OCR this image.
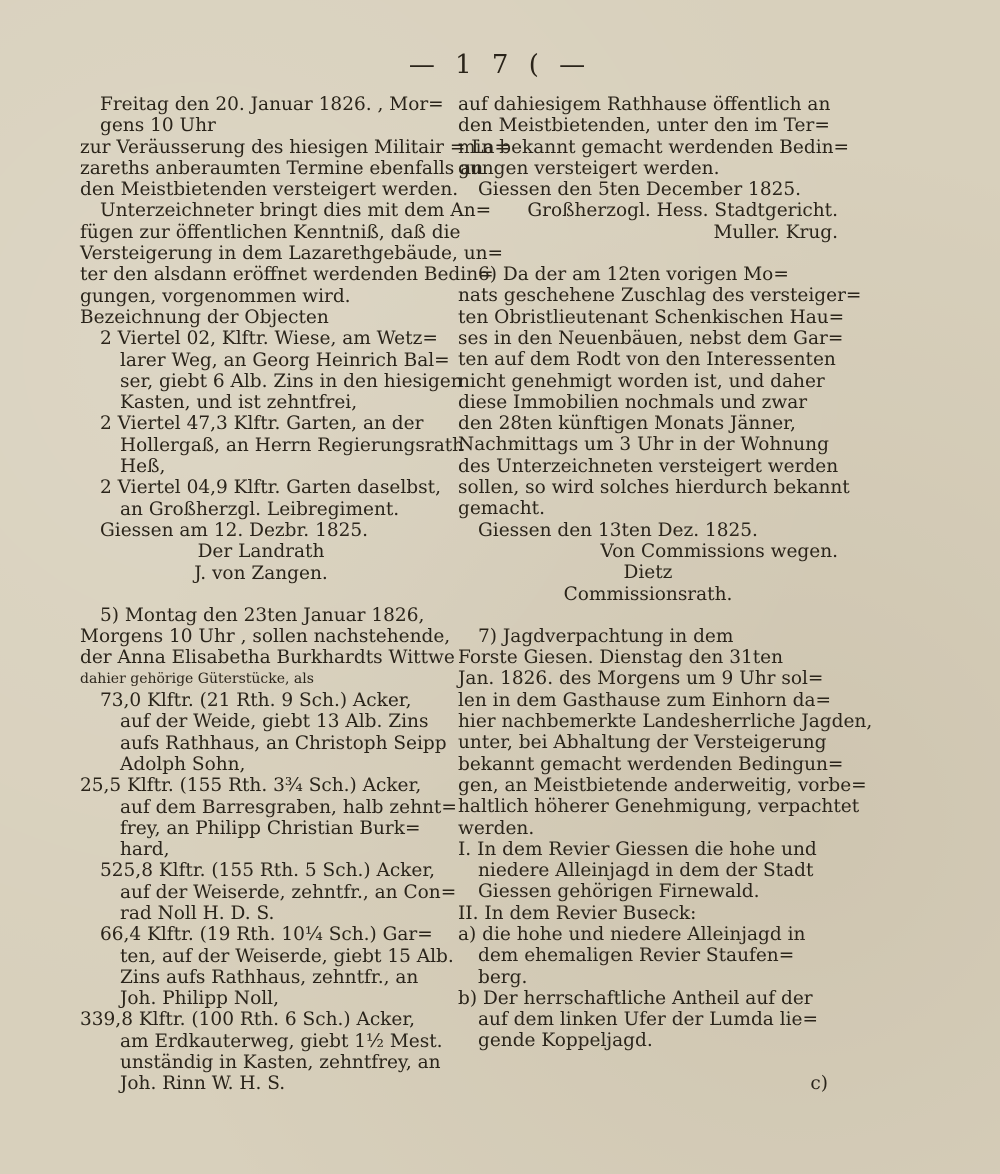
— 1 7 ( —
Freitag den 20. Januar 1826. , Mor=
gens 10 Uhr
zur Veräusserung des hiesigen Militair = La=
zareths anberaumten Termine ebenfalls an
den Meistbietenden versteigert werden.
Unterzeichneter bringt dies mit dem An=
fügen zur öffentlichen Kenntniß, daß die
Versteigerung in dem Lazarethgebäude, un=
ter den alsdann eröffnet werdenden Bedin=
gungen, vorgenommen wird.
Bezeichnung der Objecten
2 Viertel 02, Klftr. Wiese, am Wetz=
larer Weg, an Georg Heinrich Bal=
ser, giebt 6 Alb. Zins in den hiesigen
Kasten, und ist zehntfrei,
2 Viertel 47,3 Klftr. Garten, an der
Hollergaß, an Herrn Regierungsrath
Heß,
2 Viertel 04,9 Klftr. Garten daselbst,
an Großherzgl. Leibregiment.
Giessen am 12. Dezbr. 1825.
Der Landrath
J. von Zangen.
5) Montag den 23ten Januar 1826,
Morgens 10 Uhr , sollen nachstehende,
der Anna Elisabetha Burkhardts Wittwe
dahier gehörige Güterstücke, als
73,0 Klftr. (21 Rth. 9 Sch.) Acker,
auf der Weide, giebt 13 Alb. Zins
aufs Rathhaus, an Christoph Seipp
Adolph Sohn,
25,5 Klftr. (155 Rth. 3¾ Sch.) Acker,
auf dem Barresgraben, halb zehnt=
frey, an Philipp Christian Burk=
hard,
525,8 Klftr. (155 Rth. 5 Sch.) Acker,
auf der Weiserde, zehntfr., an Con=
rad Noll H. D. S.
66,4 Klftr. (19 Rth. 10¼ Sch.) Gar=
ten, auf der Weiserde, giebt 15 Alb.
Zins aufs Rathhaus, zehntfr., an
Joh. Philipp Noll,
339,8 Klftr. (100 Rth. 6 Sch.) Acker,
am Erdkauterweg, giebt 1½ Mest.
unständig in Kasten, zehntfrey, an
Joh. Rinn W. H. S.
auf dahiesigem Rathhause öffentlich an
den Meistbietenden, unter den im Ter=
min bekannt gemacht werdenden Bedin=
gungen versteigert werden.
Giessen den 5ten December 1825.
Großherzogl. Hess. Stadtgericht.
Muller. Krug.
6) Da der am 12ten vorigen Mo=
nats geschehene Zuschlag des versteiger=
ten Obristlieutenant Schenkischen Hau=
ses in den Neuenbäuen, nebst dem Gar=
ten auf dem Rodt von den Interessenten
nicht genehmigt worden ist, und daher
diese Immobilien nochmals und zwar
den 28ten künftigen Monats Jänner,
Nachmittags um 3 Uhr in der Wohnung
des Unterzeichneten versteigert werden
sollen, so wird solches hierdurch bekannt
gemacht.
Giessen den 13ten Dez. 1825.
Von Commissions wegen.
Dietz
Commissionsrath.
7) Jagdverpachtung in dem
Forste Giesen. Dienstag den 31ten
Jan. 1826. des Morgens um 9 Uhr sol=
len in dem Gasthause zum Einhorn da=
hier nachbemerkte Landesherrliche Jagden,
unter, bei Abhaltung der Versteigerung
bekannt gemacht werdenden Bedingun=
gen, an Meistbietende anderweitig, vorbe=
haltlich höherer Genehmigung, verpachtet
werden.
I. In dem Revier Giessen die hohe und
niedere Alleinjagd in dem der Stadt
Giessen gehörigen Firnewald.
II. In dem Revier Buseck:
a) die hohe und niedere Alleinjagd in
dem ehemaligen Revier Staufen=
berg.
b) Der herrschaftliche Antheil auf der
auf dem linken Ufer der Lumda lie=
gende Koppeljagd.
c)
